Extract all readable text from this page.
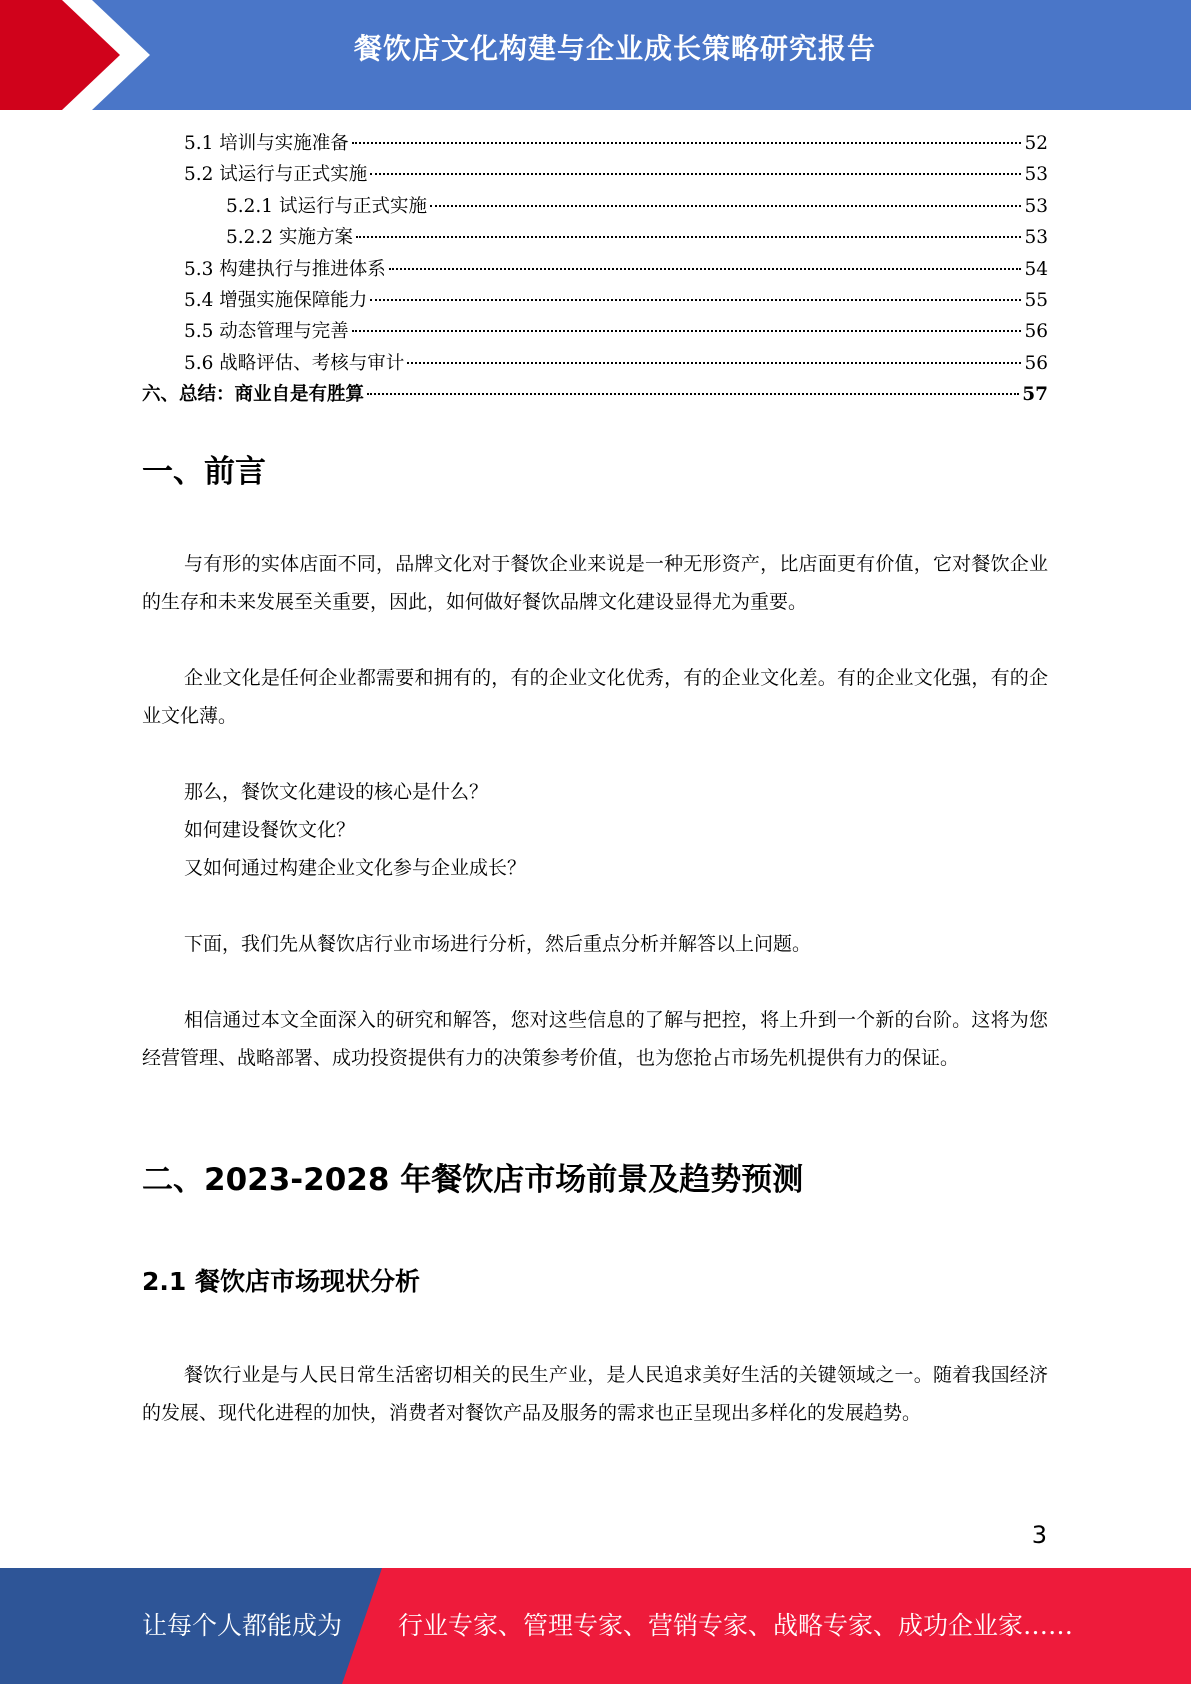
餐饮店文化构建与企业成长策略研究报告
5.1 培训与实施准备	52
5.2 试运行与正式实施	53
5.2.1 试运行与正式实施	53
5.2.2 实施方案	53
5.3 构建执行与推进体系	54
5.4 增强实施保障能力	55
5.5 动态管理与完善	56
5.6 战略评估、考核与审计	56
六、总结：商业自是有胜算	57
一、前言
与有形的实体店面不同，品牌文化对于餐饮企业来说是一种无形资产，比店面更有价值，它对餐饮企业的生存和未来发展至关重要，因此，如何做好餐饮品牌文化建设显得尤为重要。
企业文化是任何企业都需要和拥有的，有的企业文化优秀，有的企业文化差。有的企业文化强，有的企业文化薄。
那么，餐饮文化建设的核心是什么？
如何建设餐饮文化？
又如何通过构建企业文化参与企业成长？
下面，我们先从餐饮店行业市场进行分析，然后重点分析并解答以上问题。
相信通过本文全面深入的研究和解答，您对这些信息的了解与把控，将上升到一个新的台阶。这将为您经营管理、战略部署、成功投资提供有力的决策参考价值，也为您抢占市场先机提供有力的保证。
二、2023-2028 年餐饮店市场前景及趋势预测
2.1 餐饮店市场现状分析
餐饮行业是与人民日常生活密切相关的民生产业，是人民追求美好生活的关键领域之一。随着我国经济的发展、现代化进程的加快，消费者对餐饮产品及服务的需求也正呈现出多样化的发展趋势。
3
让每个人都能成为 行业专家、管理专家、营销专家、战略专家、成功企业家……
